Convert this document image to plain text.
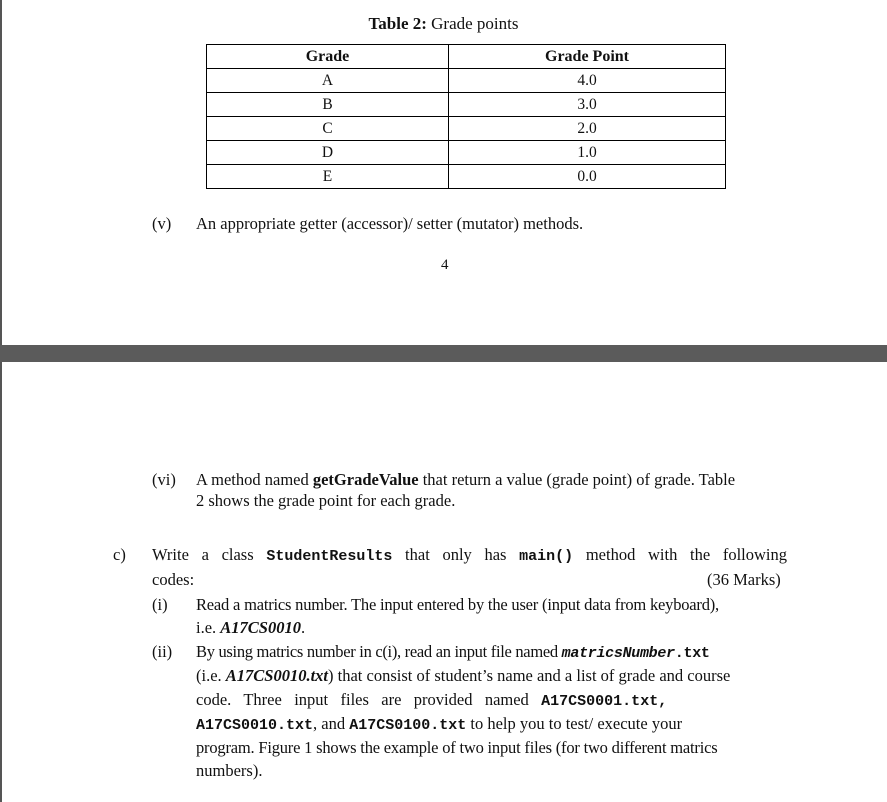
Table 2: Grade points
Grade	Grade Point
A	4.0
B	3.0
C	2.0
D	1.0
E	0.0
(v) An appropriate getter (accessor)/ setter (mutator) methods.
4
(vi) A method named getGradeValue that return a value (grade point) of grade. Table
2 shows the grade point for each grade.
c) Write a class StudentResults that only has main() method with the following
codes:	(36 Marks)
(i) Read a matrics number. The input entered by the user (input data from keyboard),
i.e. A17CS0010.
(ii) By using matrics number in c(i), read an input file named matricsNumber.txt
(i.e. A17CS0010.txt) that consist of student’s name and a list of grade and course
code.   Three   input   files   are   provided   named A17CS0001.txt,
A17CS0010.txt, and A17CS0100.txt to help you to test/ execute your
program. Figure 1 shows the example of two input files (for two different matrics
numbers).
